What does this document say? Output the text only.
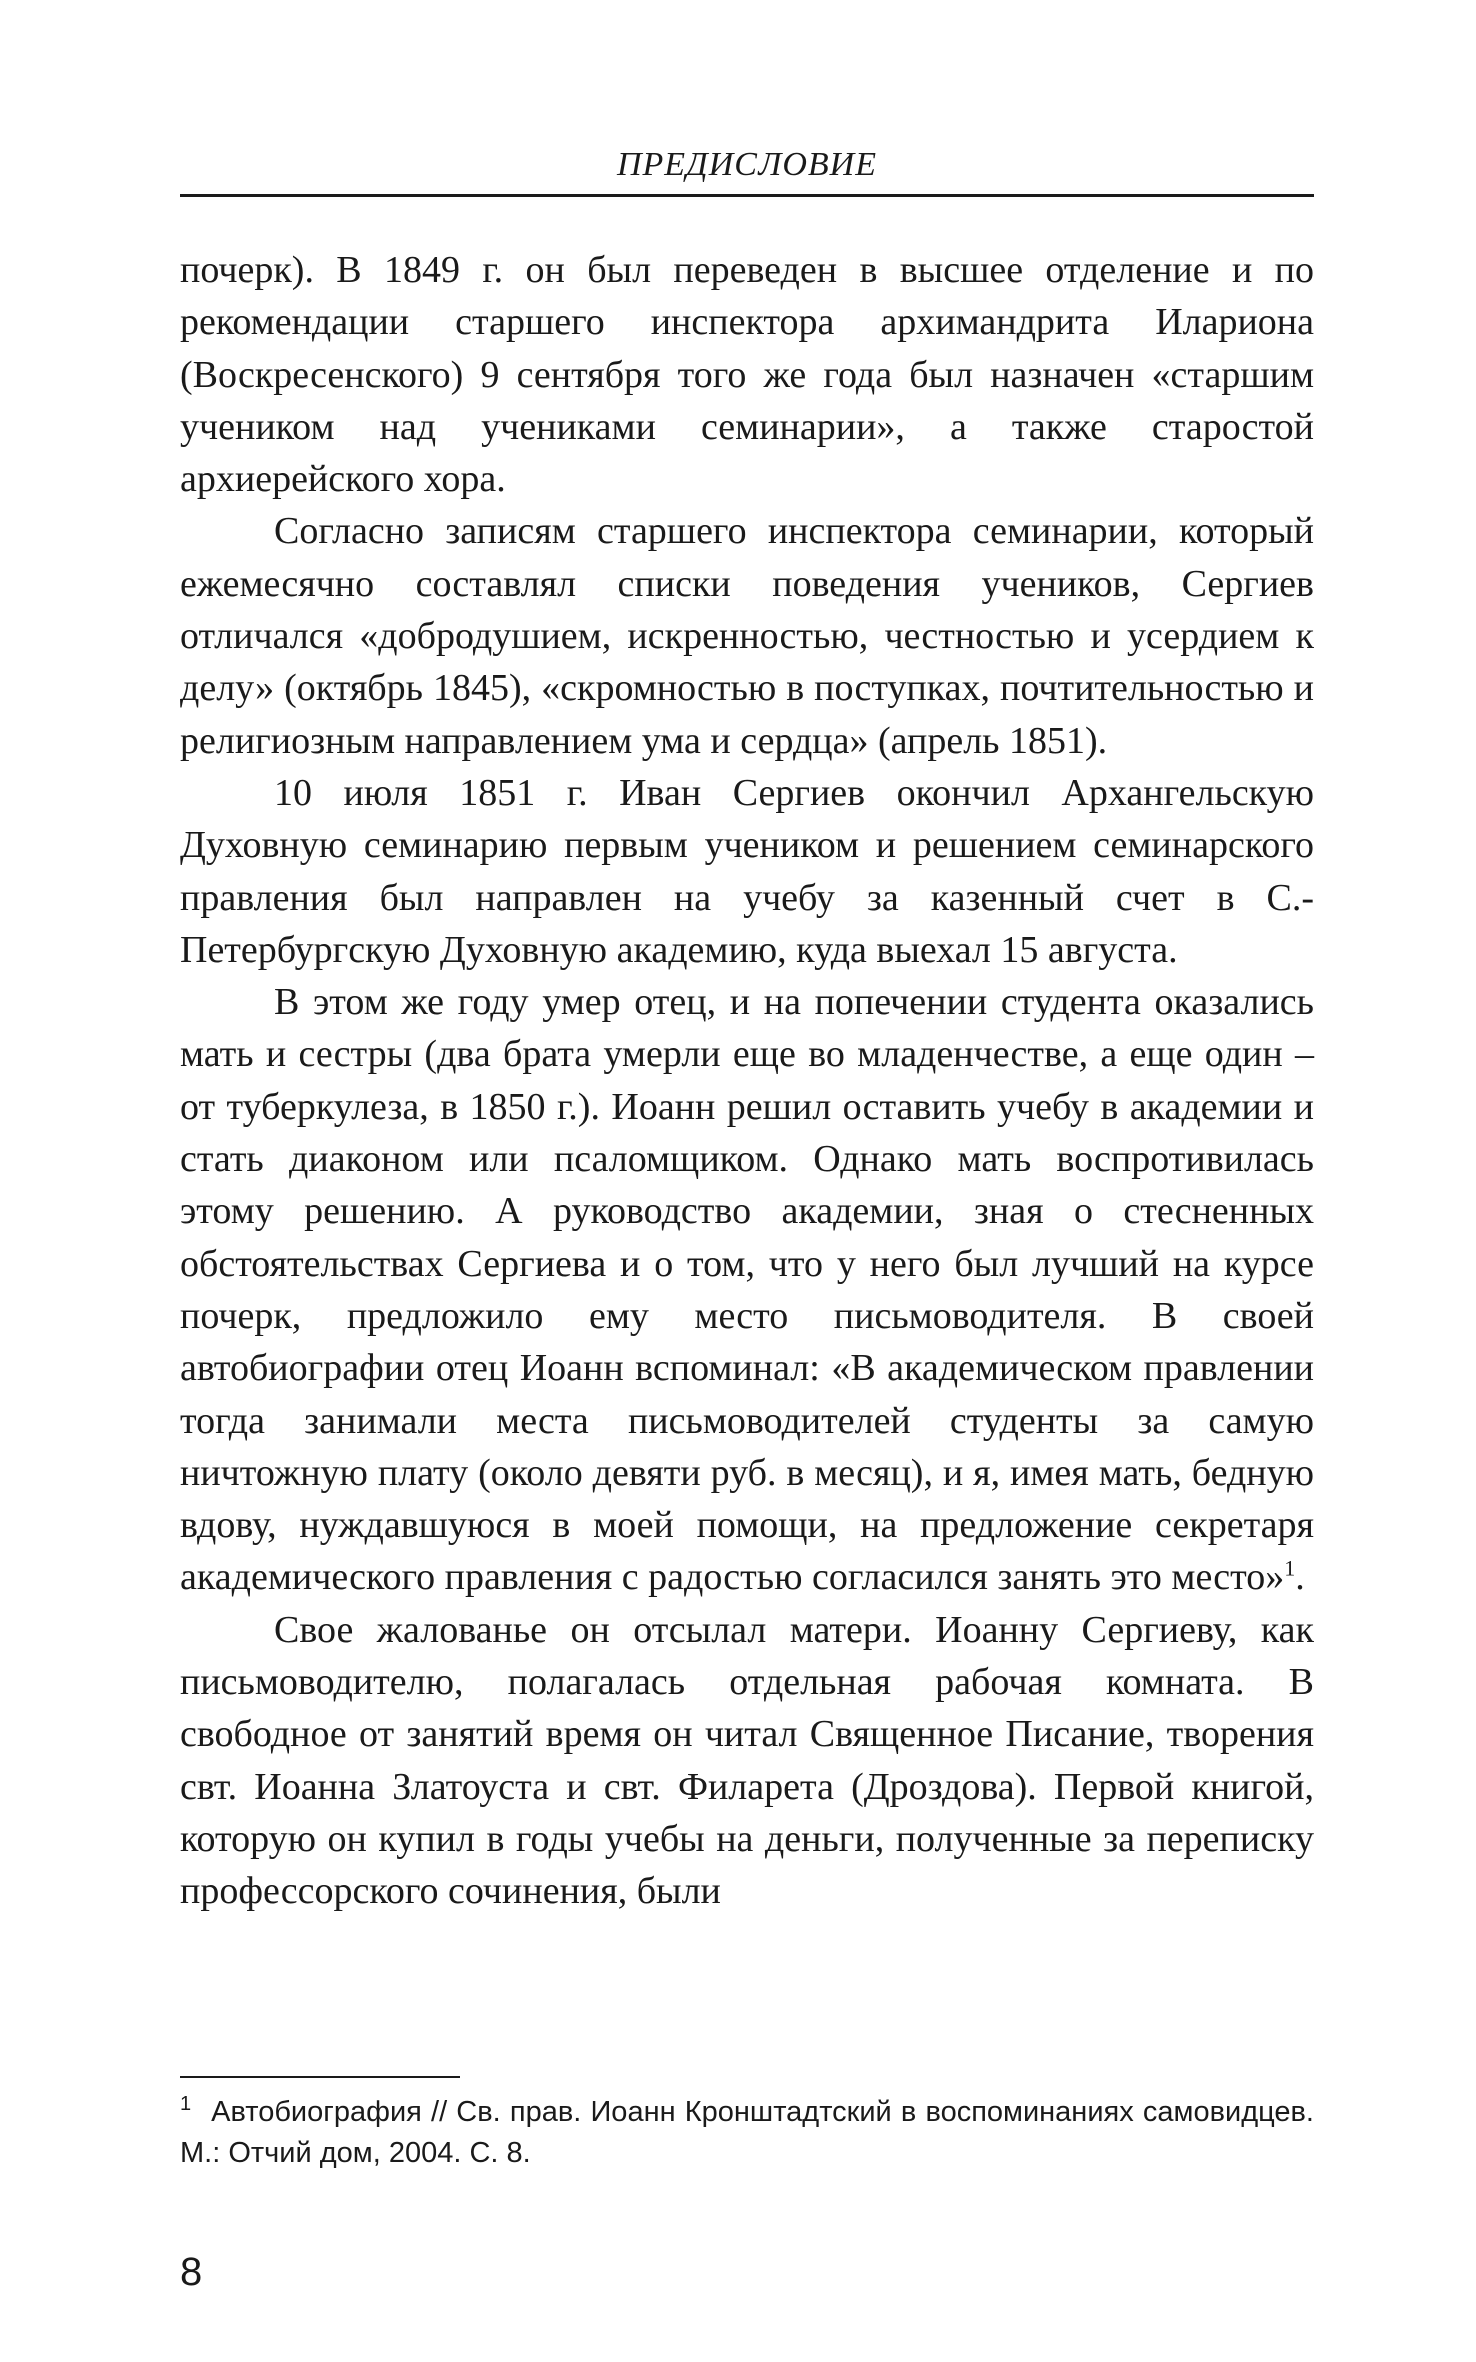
ПРЕДИСЛОВИЕ

почерк). В 1849 г. он был переведен в высшее отделение и по рекомендации старшего инспектора архимандрита Илариона (Воскресенского) 9 сентября того же года был назначен «старшим учеником над учениками семинарии», а также старостой архиерейского хора.

Согласно записям старшего инспектора семинарии, который ежемесячно составлял списки поведения учеников, Сергиев отличался «добродушием, искренностью, честностью и усердием к делу» (октябрь 1845), «скромностью в поступках, почтительностью и религиозным направлением ума и сердца» (апрель 1851).

10 июля 1851 г. Иван Сергиев окончил Архангельскую Духовную семинарию первым учеником и решением семинарского правления был направлен на учебу за казенный счет в С.-Петербургскую Духовную академию, куда выехал 15 августа.

В этом же году умер отец, и на попечении студента оказались мать и сестры (два брата умерли еще во младенчестве, а еще один – от туберкулеза, в 1850 г.). Иоанн решил оставить учебу в академии и стать диаконом или псаломщиком. Однако мать воспротивилась этому решению. А руководство академии, зная о стесненных обстоятельствах Сергиева и о том, что у него был лучший на курсе почерк, предложило ему место письмоводителя. В своей автобиографии отец Иоанн вспоминал: «В академическом правлении тогда занимали места письмоводителей студенты за самую ничтожную плату (около девяти руб. в месяц), и я, имея мать, бедную вдову, нуждавшуюся в моей помощи, на предложение секретаря академического правления с радостью согласился занять это место»$^1$.

Свое жалованье он отсылал матери. Иоанну Сергиеву, как письмоводителю, полагалась отдельная рабочая комната. В свободное от занятий время он читал Священное Писание, творения свт. Иоанна Златоуста и свт. Филарета (Дроздова). Первой книгой, которую он купил в годы учебы на деньги, полученные за переписку профессорского сочинения, были

$^1$ Автобиография // Св. прав. Иоанн Кронштадтский в воспоминаниях самовидцев. М.: Отчий дом, 2004. С. 8.
8
